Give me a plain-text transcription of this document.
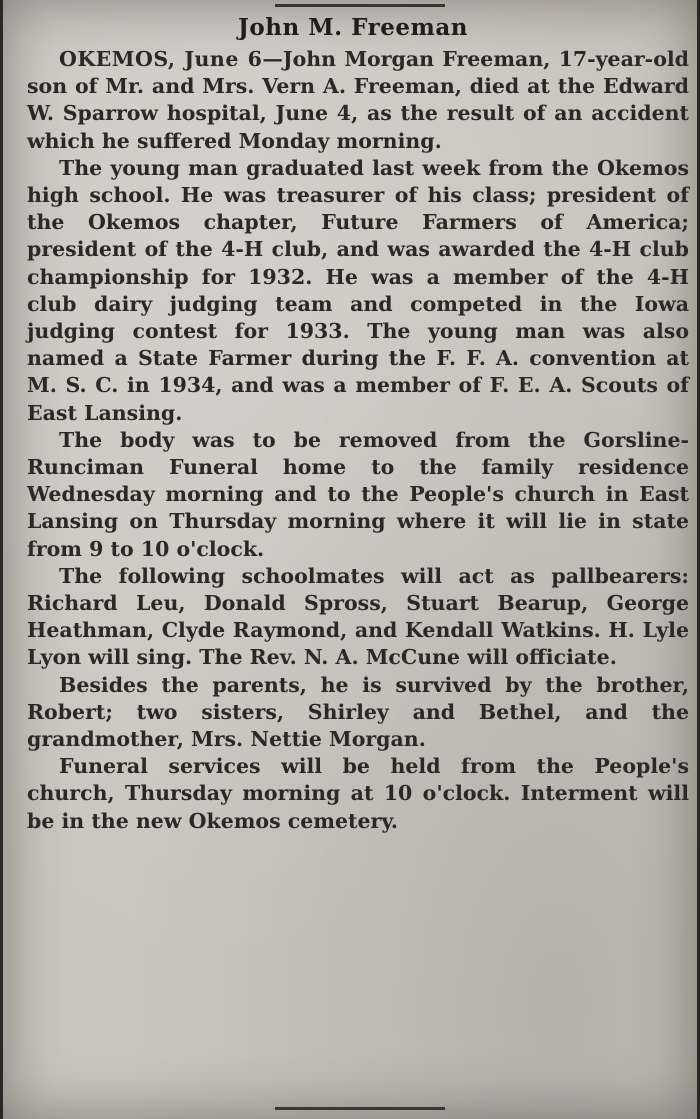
John M. Freeman

OKEMOS, June 6—John Morgan Freeman, 17-year-old son of Mr. and Mrs. Vern A. Freeman, died at the Edward W. Sparrow hospital, June 4, as the result of an accident which he suffered Monday morning.

The young man graduated last week from the Okemos high school. He was treasurer of his class; president of the Okemos chapter, Future Farmers of America; president of the 4-H club, and was awarded the 4-H club championship for 1932. He was a member of the 4-H club dairy judging team and competed in the Iowa judging contest for 1933. The young man was also named a State Farmer during the F. F. A. convention at M. S. C. in 1934, and was a member of F. E. A. Scouts of East Lansing.

The body was to be removed from the Gorsline-Runciman Funeral home to the family residence Wednesday morning and to the People's church in East Lansing on Thursday morning where it will lie in state from 9 to 10 o'clock.

The following schoolmates will act as pallbearers: Richard Leu, Donald Spross, Stuart Bearup, George Heathman, Clyde Raymond, and Kendall Watkins. H. Lyle Lyon will sing. The Rev. N. A. McCune will officiate.

Besides the parents, he is survived by the brother, Robert; two sisters, Shirley and Bethel, and the grandmother, Mrs. Nettie Morgan.

Funeral services will be held from the People's church, Thursday morning at 10 o'clock. Interment will be in the new Okemos cemetery.
